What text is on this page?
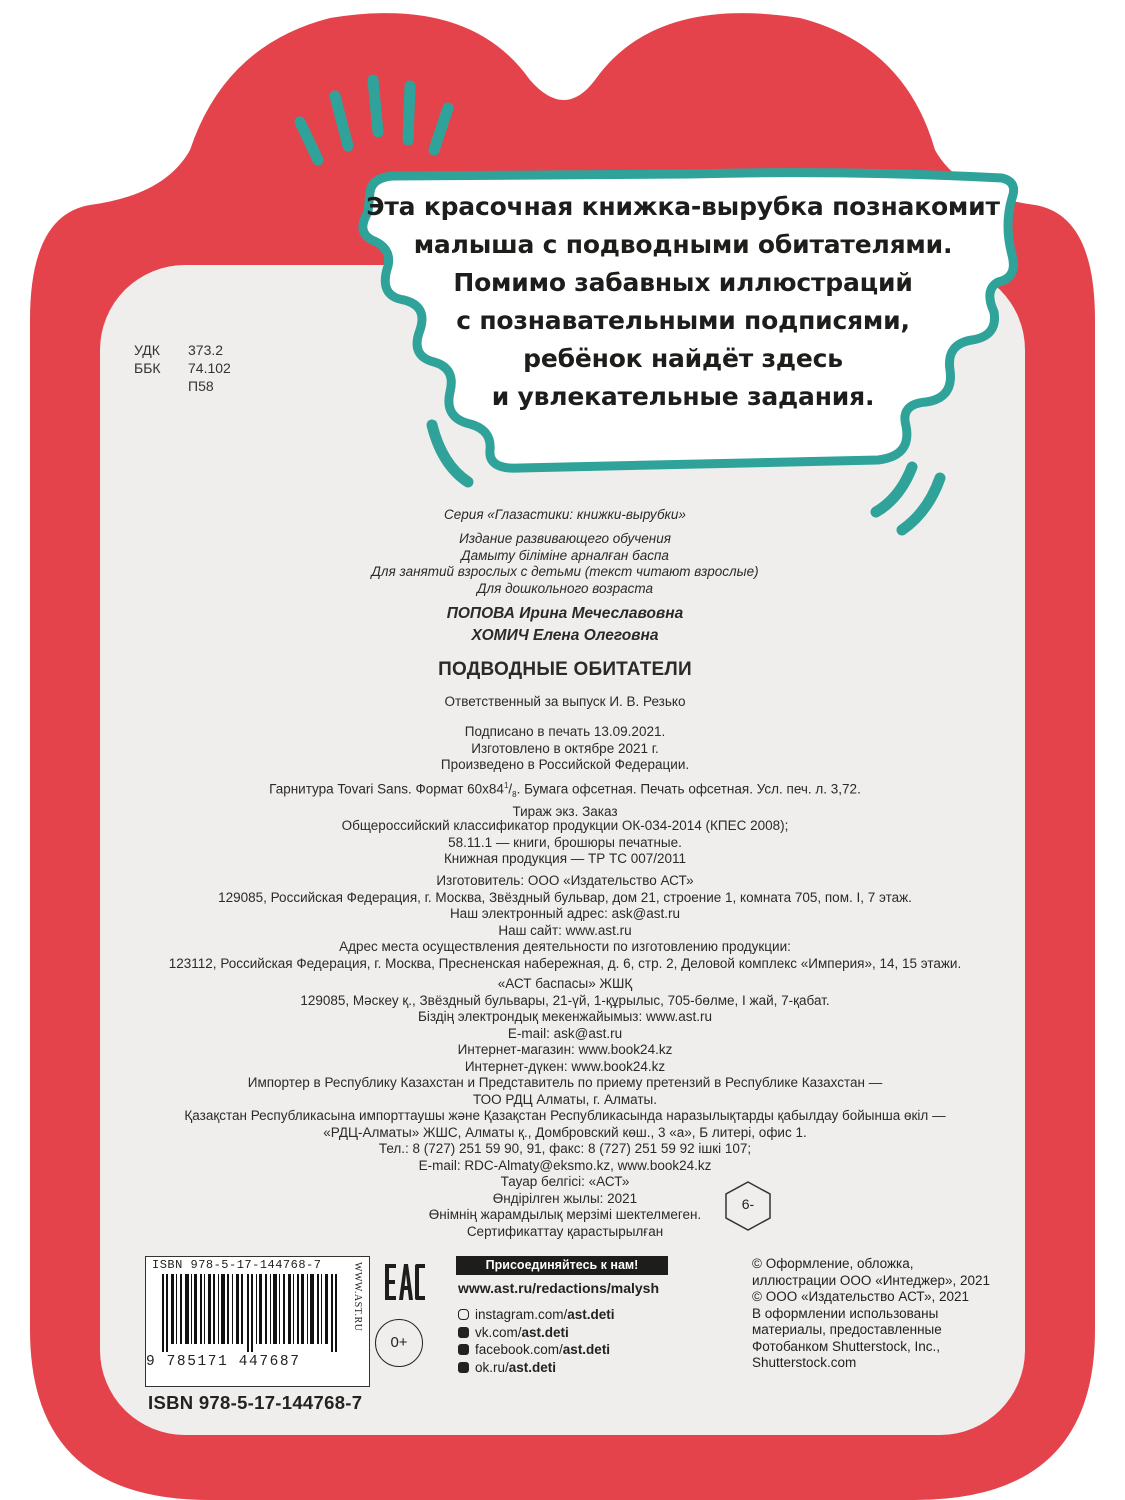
УДК	373.2
ББК	74.102
П58
Эта красочная книжка-вырубка познакомит
малыша с подводными обитателями.
Помимо забавных иллюстраций
с познавательными подписями,
ребёнок найдёт здесь
и увлекательные задания.
Серия «Глазастики: книжки-вырубки»
Издание развивающего обучения
Дамыту біліміне арналған баспа
Для занятий взрослых с детьми (текст читают взрослые)
Для дошкольного возраста
ПОПОВА Ирина Мечеславовна
ХОМИЧ Елена Олеговна
ПОДВОДНЫЕ ОБИТАТЕЛИ
Ответственный за выпуск И. В. Резько
Подписано в печать 13.09.2021.
Изготовлено в октябре 2021 г.
Произведено в Российской Федерации.
Гарнитура Tovari Sans. Формат $60x84^1/_8$. Бумага офсетная. Печать офсетная. Усл. печ. л. 3,72.
Тираж экз. Заказ
Общероссийский классификатор продукции ОК-034-2014 (КПЕС 2008);
58.11.1 — книги, брошюры печатные.
Книжная продукция — ТР ТС 007/2011
Изготовитель: ООО «Издательство АСТ»
129085, Российская Федерация, г. Москва, Звёздный бульвар, дом 21, строение 1, комната 705, пом. I, 7 этаж.
Наш электронный адрес: ask@ast.ru
Наш сайт: www.ast.ru
Адрес места осуществления деятельности по изготовлению продукции:
123112, Российская Федерация, г. Москва, Пресненская набережная, д. 6, стр. 2, Деловой комплекс «Империя», 14, 15 этажи.
«АСТ баспасы» ЖШҚ
129085, Мәскеу қ., Звёздный бульвары, 21-үй, 1-құрылыс, 705-бөлме, I жай, 7-қабат.
Біздің электрондық мекенжайымыз: www.ast.ru
E-mail: ask@ast.ru
Интернет-магазин: www.book24.kz
Интернет-дүкен: www.book24.kz
Импортер в Республику Казахстан и Представитель по приему претензий в Республике Казахстан —
ТОО РДЦ Алматы, г. Алматы.
Қазақстан Республикасына импорттаушы және Қазақстан Республикасында наразылықтарды қабылдау бойынша өкіл —
«РДЦ-Алматы» ЖШС, Алматы қ., Домбровский көш., 3 «а», Б литері, офис 1.
Тел.: 8 (727) 251 59 90, 91, факс: 8 (727) 251 59 92 ішкі 107;
E-mail: RDC-Almaty@eksmo.kz, www.book24.kz
Тауар белгісі: «АСТ»
Өндірілген жылы: 2021
Өнімнің жарамдылық мерзімі шектелмеген.
Сертификаттау қарастырылған
6-
ISBN 978-5-17-144768-7
9 785171 447687
WWW.AST.RU
ISBN 978-5-17-144768-7
0+
Присоединяйтесь к нам!
www.ast.ru/redactions/malysh
instagram.com/ ast.deti
vk.com/ ast.deti
facebook.com/ ast.deti
ok.ru/ ast.deti
© Оформление, обложка,
иллюстрации ООО «Интеджер», 2021
© ООО «Издательство АСТ», 2021
В оформлении использованы
материалы, предоставленные
Фотобанком Shutterstock, Inc.,
Shutterstock.com
